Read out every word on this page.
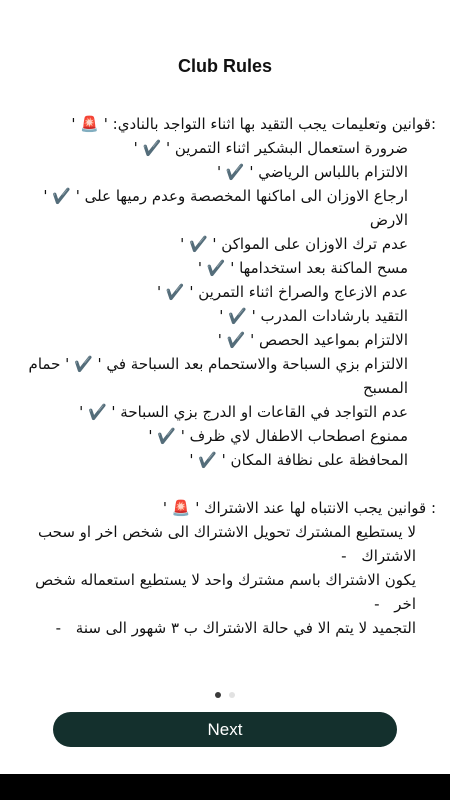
Club Rules
:قوانين وتعليمات يجب التقيد بها اثناء التواجد بالنادي: ' 🚨 '
ضرورة استعمال البشكير اثناء التمرين ' ✔️ '
الالتزام باللباس الرياضي ' ✔️ '
ارجاع الاوزان الى اماكنها المخصصة وعدم رميها على ' ✔️ ' الارض
عدم ترك الاوزان على المواكن ' ✔️ '
مسح الماكنة بعد استخدامها ' ✔️ '
عدم الازعاج والصراخ اثناء التمرين ' ✔️ '
التقيد بارشادات المدرب ' ✔️ '
الالتزام بمواعيد الحصص ' ✔️ '
الالتزام بزي السباحة والاستحمام بعد السباحة في ' ✔️ ' حمام المسبح
عدم التواجد في القاعات او الدرج بزي السباحة ' ✔️ '
ممنوع اصطحاب الاطفال لاي ظرف ' ✔️ '
المحافظة على نظافة المكان ' ✔️ '
: قوانين يجب الانتباه لها عند الاشتراك ' 🚨 '
لا يستطيع المشترك تحويل الاشتراك الى شخص اخر او سحب الاشتراك -
يكون الاشتراك باسم مشترك واحد لا يستطيع استعماله شخص اخر -
التجميد لا يتم الا في حالة الاشتراك ب ٣ شهور الى سنة -
Next
